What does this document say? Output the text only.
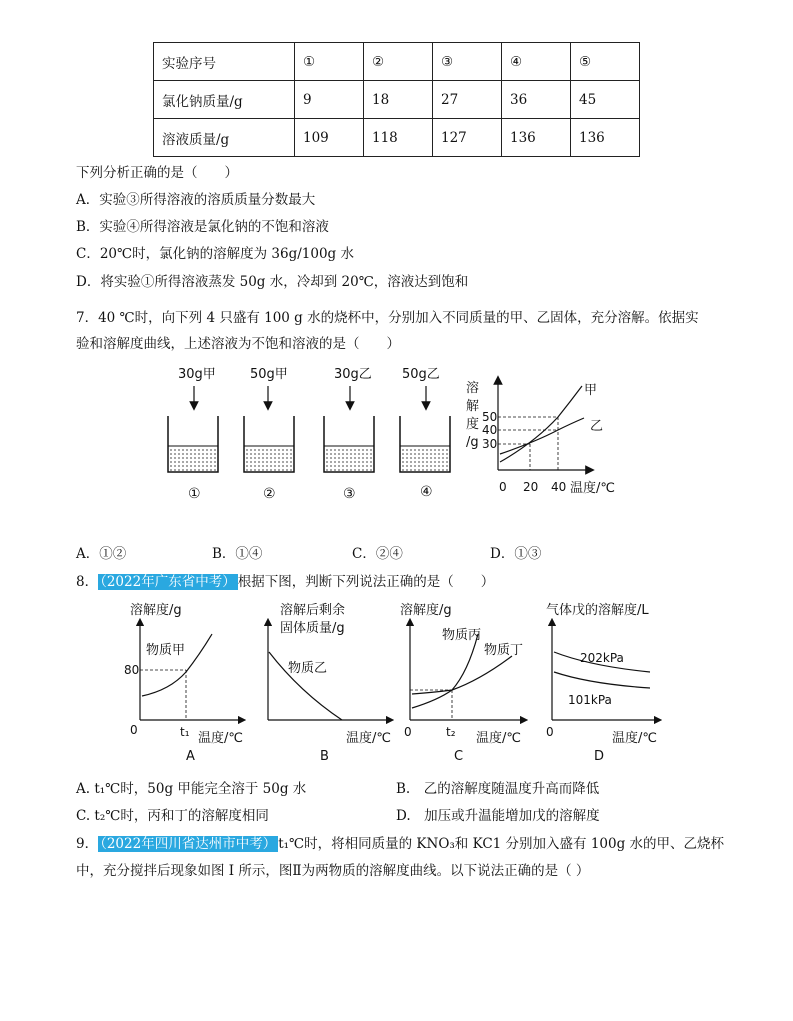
实验序号	①	②	③	④	⑤
氯化钠质量/g	9	18	27	36	45
溶液质量/g	109	118	127	136	136
下列分析正确的是（　　）
A．实验③所得溶液的溶质质量分数最大
B．实验④所得溶液是氯化钠的不饱和溶液
C．20℃时，氯化钠的溶解度为 36g/100g 水
D．将实验①所得溶液蒸发 50g 水，冷却到 20℃，溶液达到饱和
7．40 ℃时，向下列 4 只盛有 100 g 水的烧杯中，分别加入不同质量的甲、乙固体，充分溶解。依据实
验和溶解度曲线，上述溶液为不饱和溶液的是（　　）
30g甲
①
50g甲
②
30g乙
③
50g乙
④
溶
解
度
/g
50
40
30
甲
乙
0 20 40 温度/℃
A．①②	B．①④	C．②④	D．①③
8． （2022年广东省中考） 根据下图，判断下列说法正确的是（　　）
溶解度/g
物质甲
80
0	t₁ 温度/℃
A
溶解后剩余
固体质量/g
物质乙
温度/℃
B
溶解度/g
物质丙
物质丁
0	t₂ 温度/℃
C
气体戊的溶解度/L
202kPa
101kPa
0	温度/℃
D
A. t₁℃时，50g 甲能完全溶于 50g 水	B.　乙的溶解度随温度升高而降低
C. t₂℃时，丙和丁的溶解度相同	D.　加压或升温能增加戊的溶解度
9． （2022年四川省达州市中考） t₁℃时，将相同质量的 KNO₃和 KC1 分别加入盛有 100g 水的甲、乙烧杯
中，充分搅拌后现象如图 I 所示，图Ⅱ为两物质的溶解度曲线。以下说法正确的是（ ）
